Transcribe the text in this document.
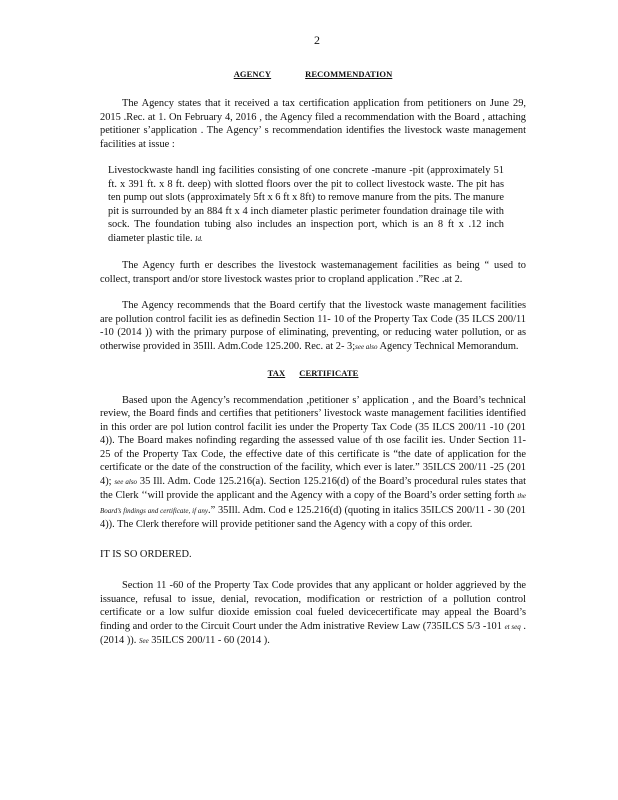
2
AGENCY	RECOMMENDATION

The Agency states that it received a tax certification application from petitioners on June 29, 2015 .Rec. at 1. On February 4, 2016 , the Agency filed a recommendation with the Board , attaching petitioner s’application . The Agency’ s recommendation identifies the livestock waste management facilities at issue :

Livestockwaste handl ing facilities consisting of one concrete -manure -pit (approximately 51 ft. x 391 ft. x 8 ft. deep) with slotted floors over the pit to collect livestock waste. The pit has ten pump out slots (approximately 5ft x 6 ft x 8ft) to remove manure from the pits. The manure pit is surrounded by an 884 ft x 4 inch diameter plastic perimeter foundation drainage tile with sock. The foundation tubing also includes an inspection port, which is an 8 ft x .12 inch diameter plastic tile. Id.

The Agency furth er describes the livestock wastemanagement facilities as being “ used to collect, transport and/or store livestock wastes prior to cropland application .”Rec .at 2.

The Agency recommends that the Board certify that the livestock waste management facilities are pollution control facilit ies as definedin Section 11- 10 of the Property Tax Code (35 ILCS 200/11 -10 (2014 )) with the primary purpose of eliminating, preventing, or reducing water pollution, or as otherwise provided in 35Ill. Adm.Code 125.200. Rec. at 2- 3;see also Agency Technical Memorandum.

TAX CERTIFICATE

Based upon the Agency’s recommendation ,petitioner s’ application , and the Board’s technical review, the Board finds and certifies that petitioners’ livestock waste management facilities identified in this order are pol lution control facilit ies under the Property Tax Code (35 ILCS 200/11 -10 (201 4)). The Board makes nofinding regarding the assessed value of th ose facilit ies. Under Section 11- 25 of the Property Tax Code, the effective date of this certificate is “the date of application for the certificate or the date of the construction of the facility, which ever is later.” 35ILCS 200/11 -25 (201 4); see also 35 Ill. Adm. Code 125.216(a). Section 125.216(d) of the Board’s procedural rules states that the Clerk ‘‘will provide the applicant and the Agency with a copy of the Board’s order setting forth the Board’s findings and certificate, if any.” 35Ill. Adm. Cod e 125.216(d) (quoting in italics 35ILCS 200/11 - 30 (201 4)). The Clerk therefore will provide petitioner sand the Agency with a copy of this order.

IT IS SO ORDERED.

Section 11 -60 of the Property Tax Code provides that any applicant or holder aggrieved by the issuance, refusal to issue, denial, revocation, modification or restriction of a pollution control certificate or a low sulfur dioxide emission coal fueled devicecertificate may appeal the Board’s finding and order to the Circuit Court under the Adm inistrative Review Law (735ILCS 5/3 -101 et seq . (2014 )). See 35ILCS 200/11 - 60 (2014 ).
